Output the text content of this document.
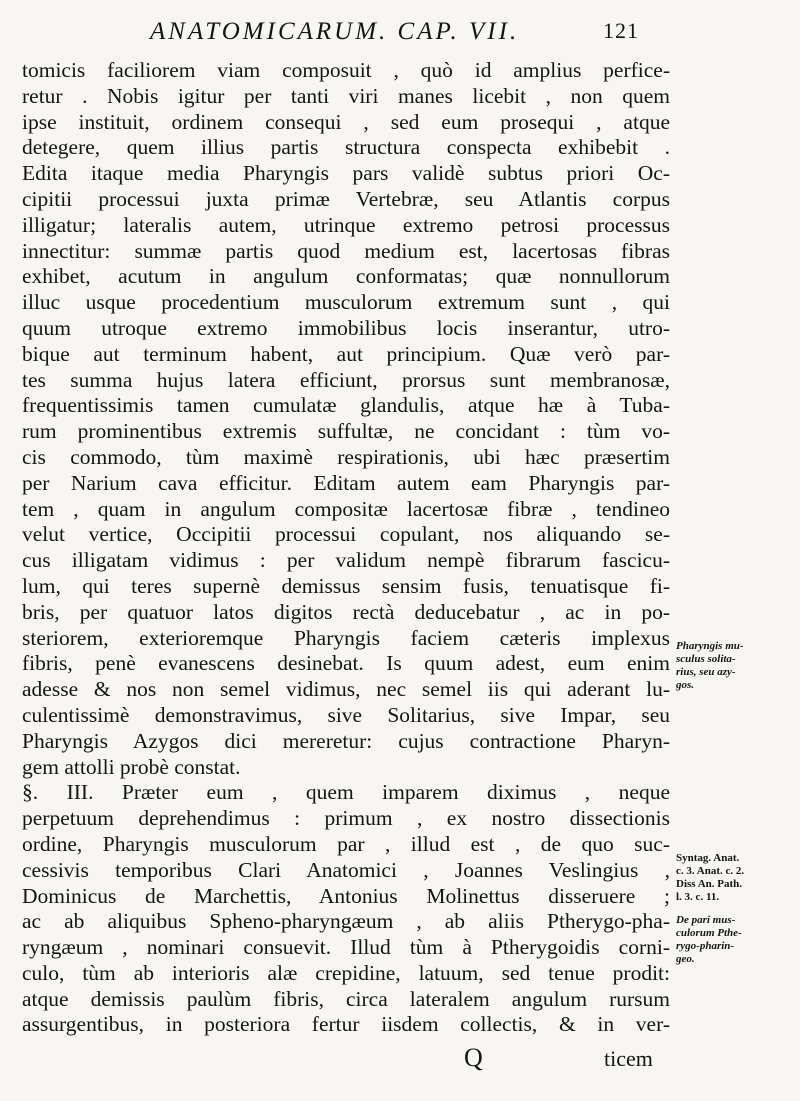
ANATOMICARUM. CAP. VII.	121
tomicis faciliorem viam composuit , quò id amplius perfice-
retur . Nobis igitur per tanti viri manes licebit , non quem
ipse instituit, ordinem consequi , sed eum prosequi , atque
detegere, quem illius partis structura conspecta exhibebit .
Edita itaque media Pharyngis pars validè subtus priori Oc-
cipitii processui juxta primæ Vertebræ, seu Atlantis corpus
illigatur; lateralis autem, utrinque extremo petrosi processus
innectitur: summæ partis quod medium est, lacertosas fibras
exhibet, acutum in angulum conformatas; quæ nonnullorum
illuc usque procedentium musculorum extremum sunt , qui
quum utroque extremo immobilibus locis inserantur, utro-
bique aut terminum habent, aut principium. Quæ verò par-
tes summa hujus latera efficiunt, prorsus sunt membranosæ,
frequentissimis tamen cumulatæ glandulis, atque hæ à Tuba-
rum prominentibus extremis suffultæ, ne concidant : tùm vo-
cis commodo, tùm maximè respirationis, ubi hæc præsertim
per Narium cava efficitur. Editam autem eam Pharyngis par-
tem , quam in angulum compositæ lacertosæ fibræ , tendineo
velut vertice, Occipitii processui copulant, nos aliquando se-
cus illigatam vidimus : per validum nempè fibrarum fascicu-
lum, qui teres supernè demissus sensim fusis, tenuatisque fi-
bris, per quatuor latos digitos rectà deducebatur , ac in po-
steriorem, exterioremque Pharyngis faciem cæteris implexus
fibris, penè evanescens desinebat. Is quum adest, eum enim
adesse & nos non semel vidimus, nec semel iis qui aderant lu-
culentissimè demonstravimus, sive Solitarius, sive Impar, seu
Pharyngis Azygos dici mereretur: cujus contractione Pharyn-
gem attolli probè constat.
§. III. Præter eum , quem imparem diximus , neque
perpetuum deprehendimus : primum , ex nostro dissectionis
ordine, Pharyngis musculorum par , illud est , de quo suc-
cessivis temporibus Clari Anatomici , Joannes Veslingius ,
Dominicus de Marchettis, Antonius Molinettus disseruere ;
ac ab aliquibus Spheno-pharyngæum , ab aliis Ptherygo-pha-
ryngæum , nominari consuevit. Illud tùm à Ptherygoidis corni-
culo, tùm ab interioris alæ crepidine, latuum, sed tenue prodit:
atque demissis paulùm fibris, circa lateralem angulum rursum
assurgentibus, in posteriora fertur iisdem collectis, & in ver-
Pharyngis mu-
sculus solita-
rius, seu azy-
gos.
Syntag. Anat.
c. 3. Anat. c. 2.
Diss An. Path.
l. 3. c. 11.
De pari mus-
culorum Pthe-
rygo-pharin-
geo.
Q	ticem
